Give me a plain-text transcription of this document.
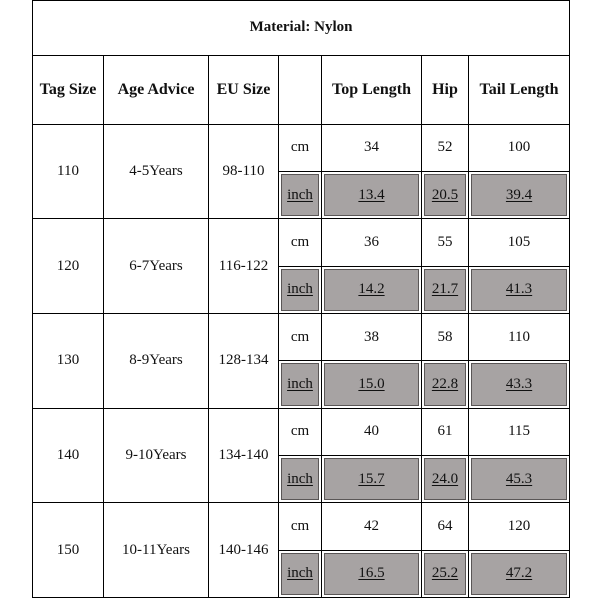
Material: Nylon						
Tag Size	Age Advice	EU Size		Top Length	Hip	Tail Length
110	4-5Years	98-110	cm	34	52	100
			inch	13.4	20.5	39.4
120	6-7Years	116-122	cm	36	55	105
			inch	14.2	21.7	41.3
130	8-9Years	128-134	cm	38	58	110
			inch	15.0	22.8	43.3
140	9-10Years	134-140	cm	40	61	115
			inch	15.7	24.0	45.3
150	10-11Years	140-146	cm	42	64	120
			inch	16.5	25.2	47.2
